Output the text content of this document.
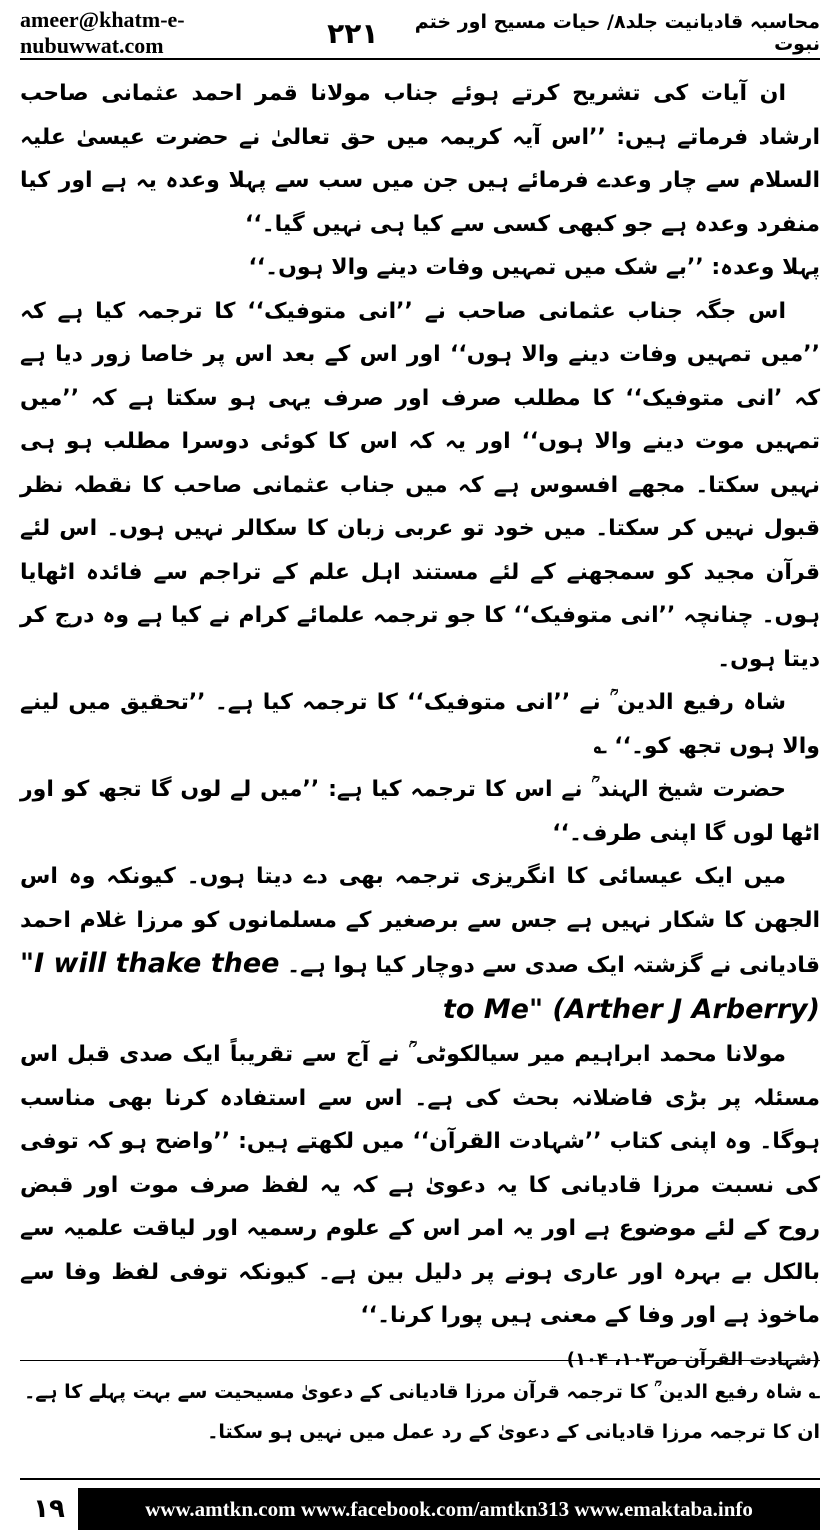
ameer@khatm-e-nubuwwat.com	۲۲۱	محاسبہ قادیانیت جلد۸/ حیات مسیح اور ختم نبوت

ان آیات کی تشریح کرتے ہوئے جناب مولانا قمر احمد عثمانی صاحب ارشاد فرماتے ہیں: ’’اس آیہ کریمہ میں حق تعالیٰ نے حضرت عیسیٰ علیہ السلام سے چار وعدے فرمائے ہیں جن میں سب سے پہلا وعدہ یہ ہے اور کیا منفرد وعدہ ہے جو کبھی کسی سے کیا ہی نہیں گیا۔‘‘

پہلا وعدہ: ’’بے شک میں تمہیں وفات دینے والا ہوں۔‘‘

اس جگہ جناب عثمانی صاحب نے ’’انی متوفیک‘‘ کا ترجمہ کیا ہے کہ ’’میں تمہیں وفات دینے والا ہوں‘‘ اور اس کے بعد اس پر خاصا زور دیا ہے کہ ’انی متوفیک‘‘ کا مطلب صرف اور صرف یہی ہو سکتا ہے کہ ’’میں تمہیں موت دینے والا ہوں‘‘ اور یہ کہ اس کا کوئی دوسرا مطلب ہو ہی نہیں سکتا۔ مجھے افسوس ہے کہ میں جناب عثمانی صاحب کا نقطہ نظر قبول نہیں کر سکتا۔ میں خود تو عربی زبان کا سکالر نہیں ہوں۔ اس لئے قرآن مجید کو سمجھنے کے لئے مستند اہل علم کے تراجم سے فائدہ اٹھایا ہوں۔ چنانچہ ’’انی متوفیک‘‘ کا جو ترجمہ علمائے کرام نے کیا ہے وہ درج کر دیتا ہوں۔

شاہ رفیع الدین ؒ نے ’’انی متوفیک‘‘ کا ترجمہ کیا ہے۔ ’’تحقیق میں لینے والا ہوں تجھ کو۔‘‘ ؎

حضرت شیخ الہند ؒ نے اس کا ترجمہ کیا ہے: ’’میں لے لوں گا تجھ کو اور اٹھا لوں گا اپنی طرف۔‘‘

میں ایک عیسائی کا انگریزی ترجمہ بھی دے دیتا ہوں۔ کیونکہ وہ اس الجھن کا شکار نہیں ہے جس سے برصغیر کے مسلمانوں کو مرزا غلام احمد قادیانی نے گزشتہ ایک صدی سے دوچار کیا ہوا ہے۔ "I will thake thee to Me" (Arther J Arberry)

مولانا محمد ابراہیم میر سیالکوٹی ؒ نے آج سے تقریباً ایک صدی قبل اس مسئلہ پر بڑی فاضلانہ بحث کی ہے۔ اس سے استفادہ کرنا بھی مناسب ہوگا۔ وہ اپنی کتاب ’’شہادت القرآن‘‘ میں لکھتے ہیں: ’’واضح ہو کہ توفی کی نسبت مرزا قادیانی کا یہ دعویٰ ہے کہ یہ لفظ صرف موت اور قبض روح کے لئے موضوع ہے اور یہ امر اس کے علوم رسمیہ اور لیاقت علمیہ سے بالکل بے بہرہ اور عاری ہونے پر دلیل بین ہے۔ کیونکہ توفی لفظ وفا سے ماخوذ ہے اور وفا کے معنی ہیں پورا کرنا۔‘‘

(شہادت القرآن ص۱۰۳، ۱۰۴)

؎ شاہ رفیع الدین ؒ کا ترجمہ قرآن مرزا قادیانی کے دعویٰ مسیحیت سے بہت پہلے کا ہے۔ ان کا ترجمہ مرزا قادیانی کے دعویٰ کے رد عمل میں نہیں ہو سکتا۔

۱۹	www.amtkn.com www.facebook.com/amtkn313 www.emaktaba.info
